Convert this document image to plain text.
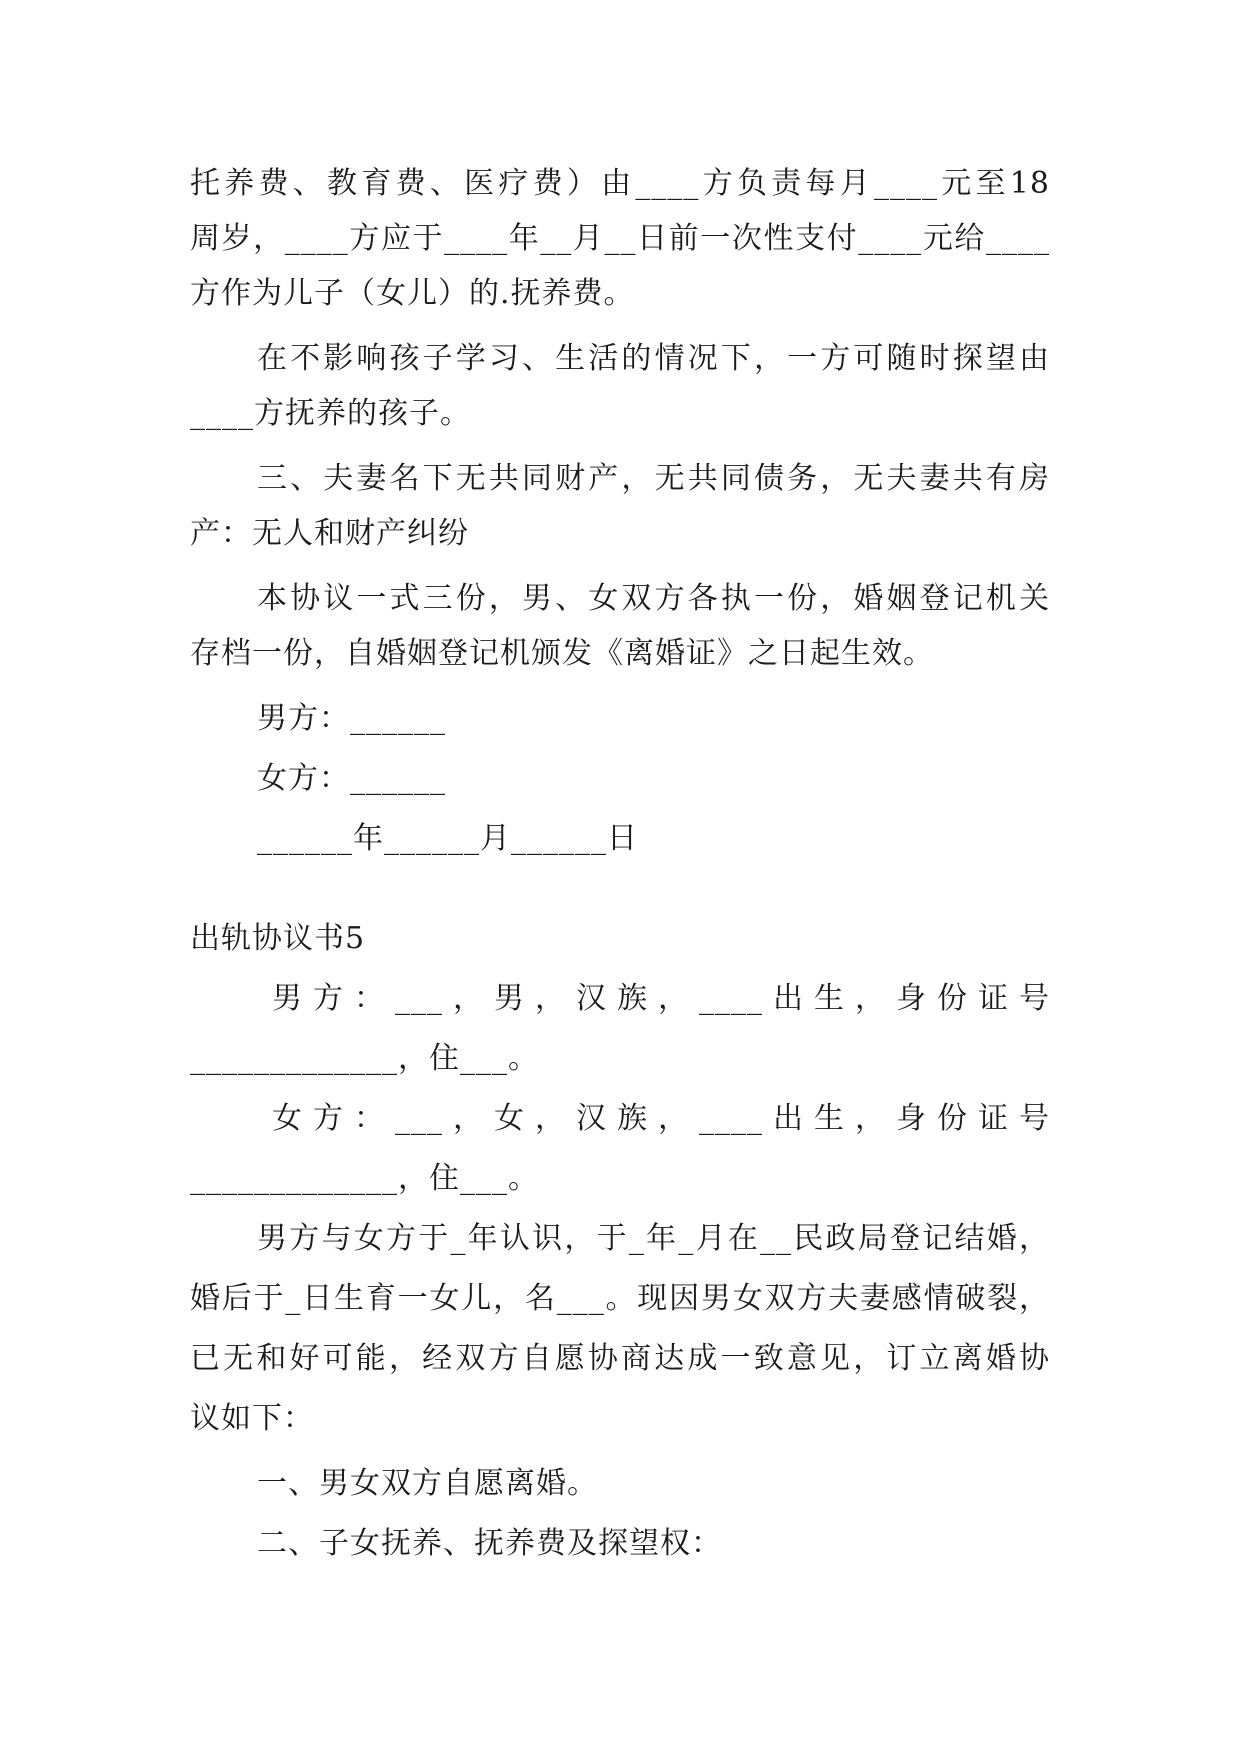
托养费、教育费、医疗费）由____方负责每月____元至18
周岁，____方应于____年__月__日前一次性支付____元给____
方作为儿子（女儿）的.抚养费。
在不影响孩子学习、生活的情况下，一方可随时探望由
____方抚养的孩子。
三、夫妻名下无共同财产，无共同债务，无夫妻共有房
产：无人和财产纠纷
本协议一式三份，男、女双方各执一份，婚姻登记机关
存档一份，自婚姻登记机颁发《离婚证》之日起生效。
男方：______
女方：______
______年______月______日
出轨协议书5
男方：___，男，汉族，____出生，身份证号
_____________，住___。
女方：___，女，汉族，____出生，身份证号
_____________，住___。
男方与女方于_年认识，于_年_月在__民政局登记结婚，
婚后于_日生育一女儿，名___。现因男女双方夫妻感情破裂，
已无和好可能，经双方自愿协商达成一致意见，订立离婚协
议如下：
一、男女双方自愿离婚。
二、子女抚养、抚养费及探望权：
